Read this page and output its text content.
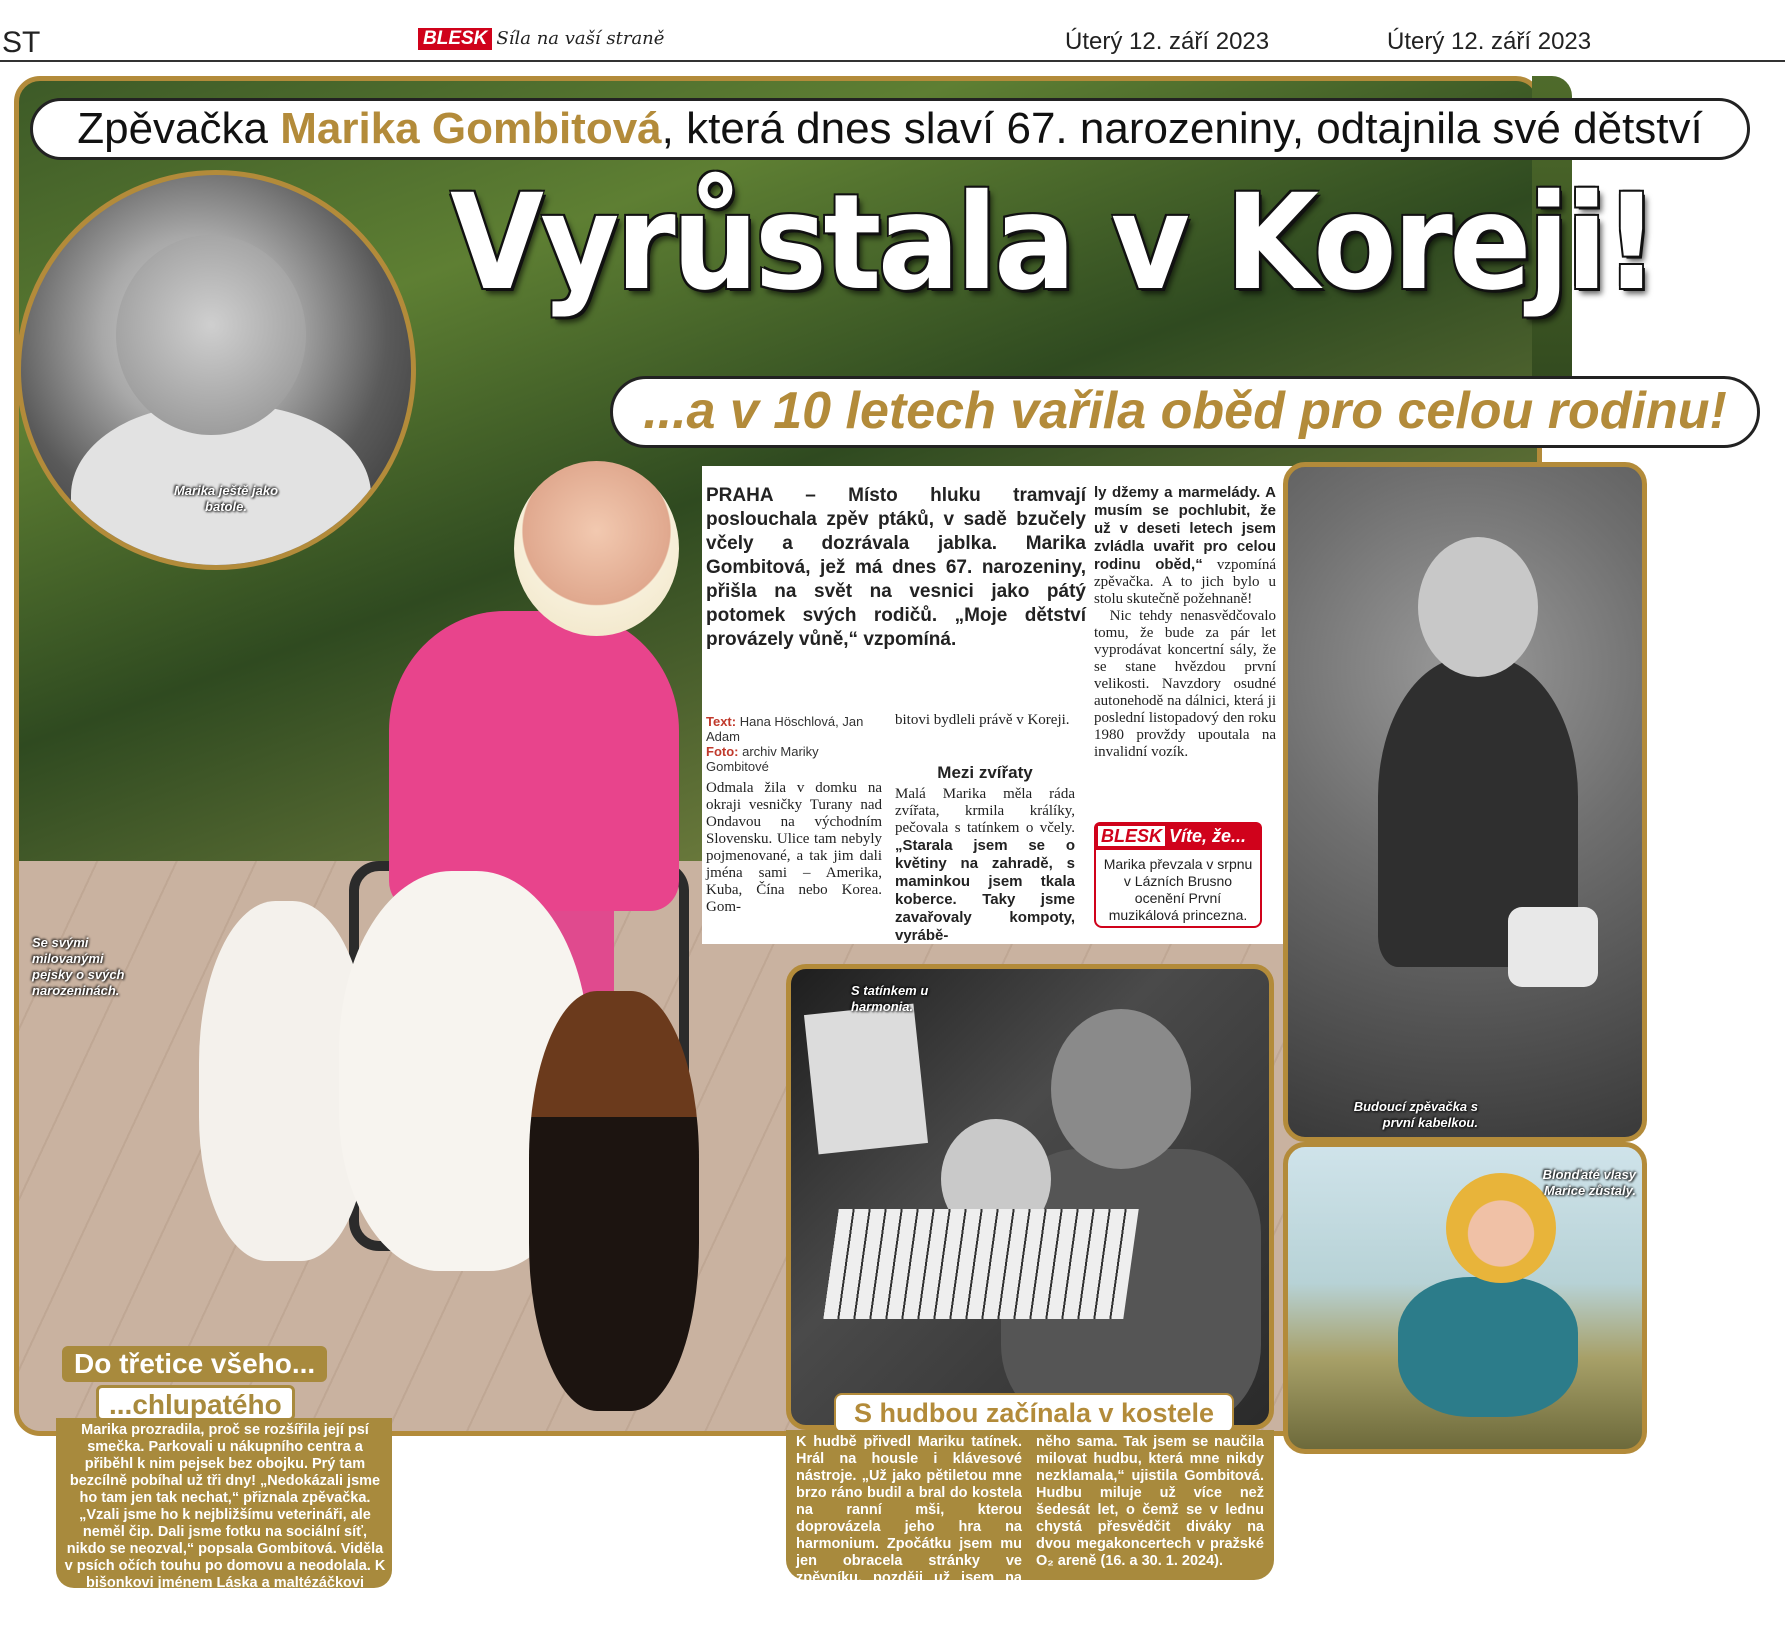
ST	BLESK Síla na vaší straně	Úterý 12. září 2023	Úterý 12. září 2023
Zpěvačka Marika Gombitová, která dnes slaví 67. narozeniny, odtajnila své dětství
Vyrůstala v Koreji!
...a v 10 letech vařila oběd pro celou rodinu!
Marika ještě jako batole.
Se svými milovanými pejsky o svých narozeninách.
PRAHA – Místo hluku tramvají poslouchala zpěv ptáků, v sadě bzučely včely a dozrávala jablka. Marika Gombitová, jež má dnes 67. narozeniny, přišla na svět na vesnici jako pátý potomek svých rodičů. „Moje dětství provázely vůně,“ vzpomíná.
Text: Hana Höschlová, Jan Adam
Foto: archiv Mariky Gombitové
Odmala žila v domku na okraji vesničky Turany nad Ondavou na východním Slovensku. Ulice tam nebyly pojmenované, a tak jim dali jména sami – Amerika, Kuba, Čína nebo Korea. Gom-
bitovi bydleli právě v Koreji.
Mezi zvířaty
Malá Marika měla ráda zvířata, krmila králíky, pečovala s tatínkem o včely. „Starala jsem se o květiny na zahradě, s maminkou jsem tkala koberce. Taky jsme zavařovaly kompoty, vyrábě-
ly džemy a marmelády. A musím se pochlubit, že už v deseti letech jsem zvládla uvařit pro celou rodinu oběd,“ vzpomíná zpěvačka. A to jich bylo u stolu skutečně požehnaně!
Nic tehdy nenasvědčovalo tomu, že bude za pár let vyprodávat koncertní sály, že se stane hvězdou první velikosti. Navzdory osudné autonehodě na dálnici, která ji poslední listopadový den roku 1980 provždy upoutala na invalidní vozík.
BLESK Víte, že...
Marika převzala v srpnu v Lázních Brusno ocenění První muzikálová princezna.
Budoucí zpěvačka s první kabelkou.
Blonďaté vlasy Marice zůstaly.
S tatínkem u harmonia.
S hudbou začínala v kostele
K hudbě přivedl Mariku tatínek. Hrál na housle i klávesové nástroje. „Už jako pětiletou mne brzo ráno budil a bral do kostela na ranní mši, kterou doprovázela jeho hra na harmonium. Zpočátku jsem mu jen obracela stránky ve zpěvníku, později už jsem na harmonium hrála místo
něho sama. Tak jsem se naučila milovat hudbu, která mne nikdy nezklamala,“ ujistila Gombitová. Hudbu miluje už více než šedesát let, o čemž se v lednu chystá přesvědčit diváky na dvou megakoncertech v pražské O₂ areně (16. a 30. 1. 2024).
Do třetice všeho...
...chlupatého
Marika prozradila, proč se rozšířila její psí smečka. Parkovali u nákupního centra a přiběhl k nim pejsek bez obojku. Prý tam bezcílně pobíhal už tři dny! „Nedokázali jsme ho tam jen tak nechat,“ přiznala zpěvačka. „Vzali jsme ho k nejbližšímu veterináři, ale neměl čip. Dali jsme fotku na sociální síť, nikdo se neozval,“ popsala Gombitová. Viděla v psích očích touhu po domovu a neodolala. K bišonkovi jménem Láska a maltézáčkovi Majce tak přibyla ještě Bella. „Našla si nás a já jsem šťastná,“ říká Marika.
